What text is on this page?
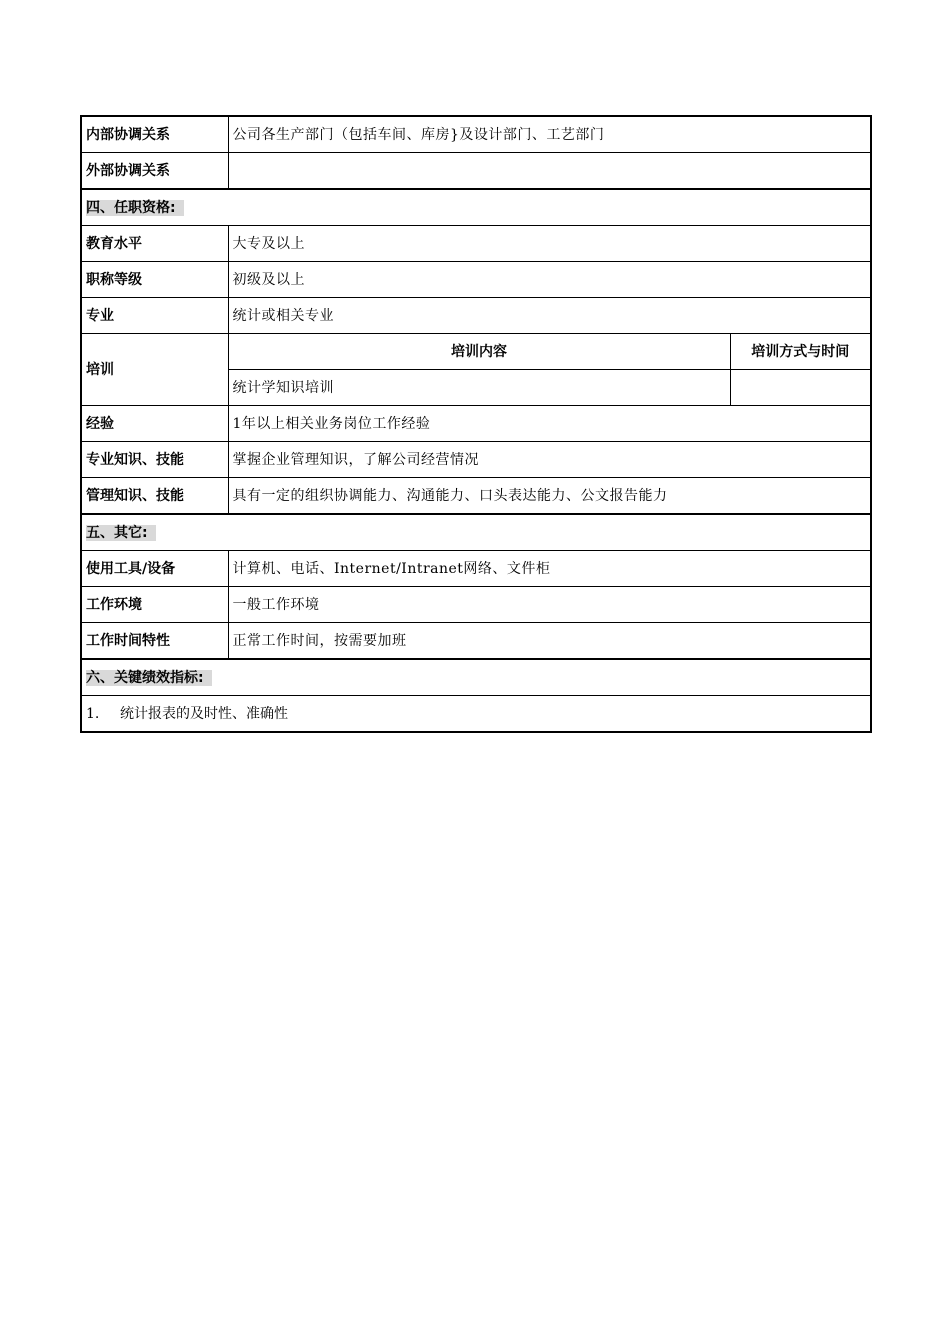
内部协调关系	公司各生产部门（包括车间、库房}及设计部门、工艺部门	
外部协调关系		
四、任职资格:		
教育水平	大专及以上	
职称等级	初级及以上	
专业	统计或相关专业	
培训	培训内容	培训方式与时间
	统计学知识培训	
经验	1年以上相关业务岗位工作经验	
专业知识、技能	掌握企业管理知识，了解公司经营情况	
管理知识、技能	具有一定的组织协调能力、沟通能力、口头表达能力、公文报告能力	
五、其它:		
使用工具/设备	计算机、电话、Internet/Intranet网络、文件柜	
工作环境	一般工作环境	
工作时间特性	正常工作时间，按需要加班	
六、关键绩效指标:		
1. 统计报表的及时性、准确性		
